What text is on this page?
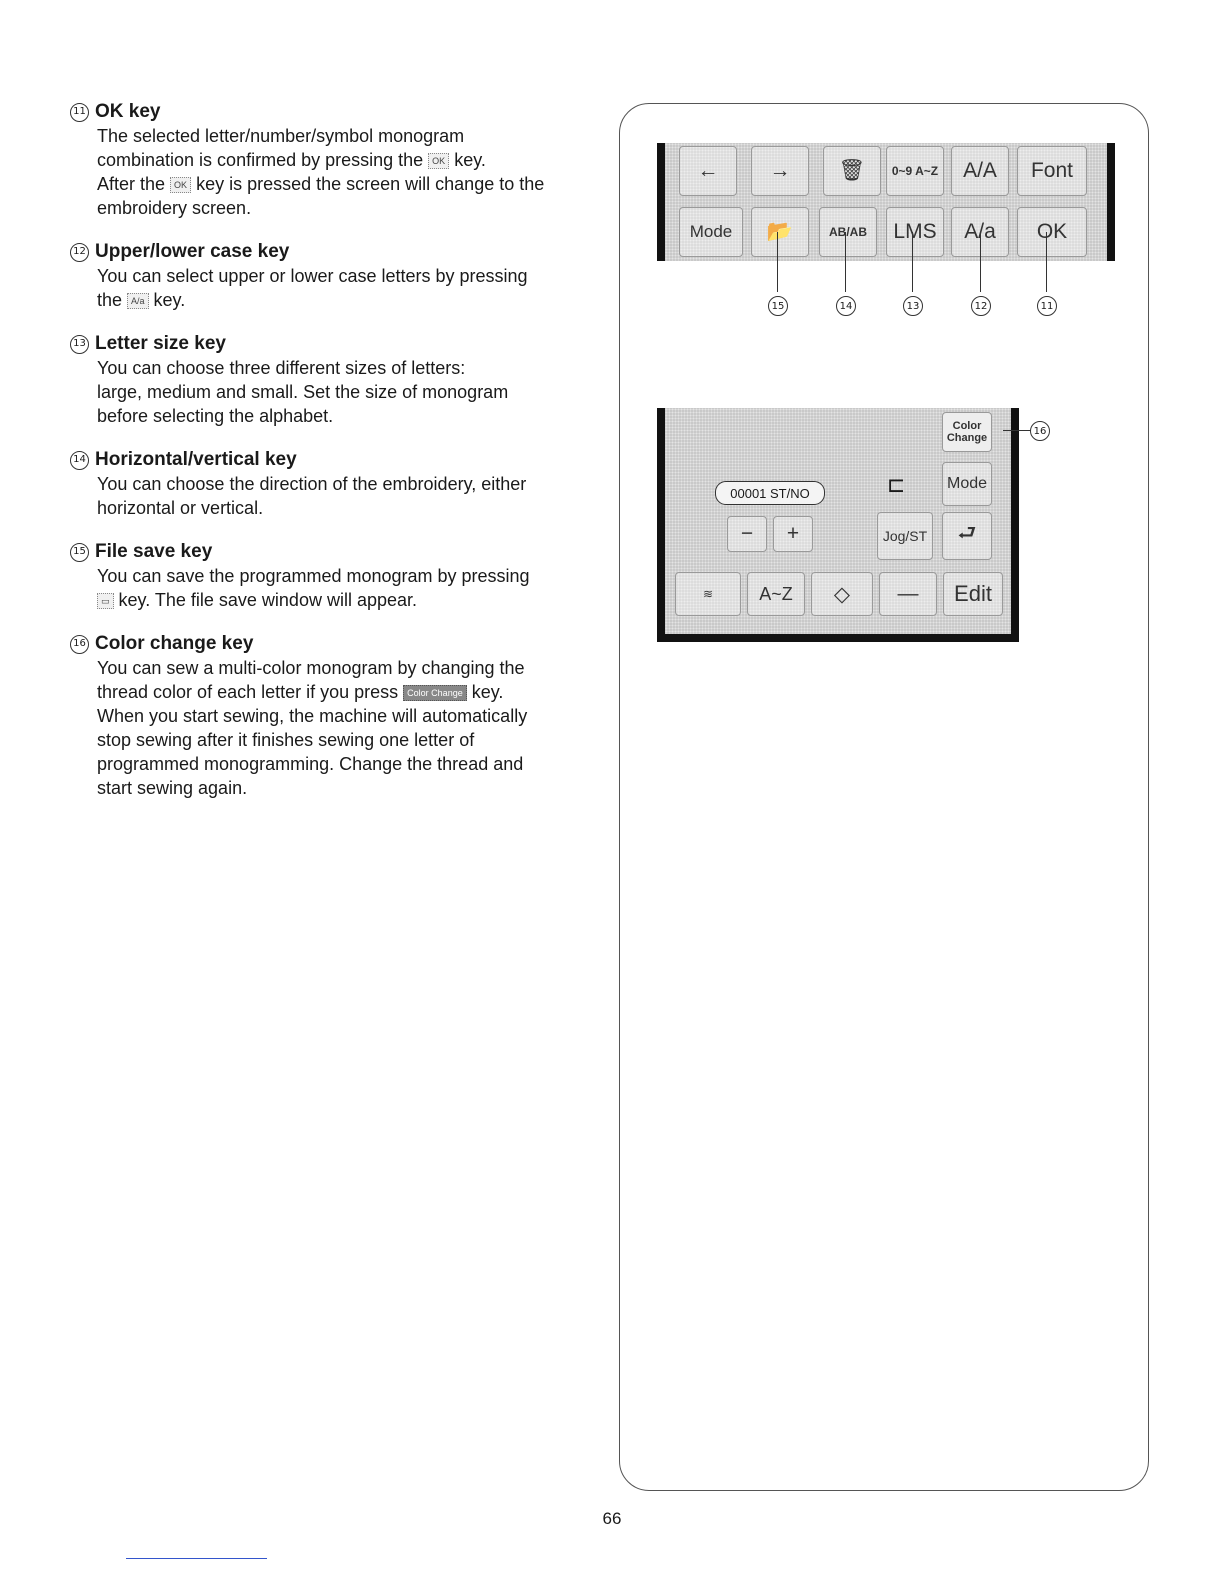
11 OK key

The selected letter/number/symbol monogram
combination is confirmed by pressing the OK key.
After the OK key is pressed the screen will change to the
embroidery screen.

12 Upper/lower case key

You can select upper or lower case letters by pressing
the A/a key.

13 Letter size key

You can choose three different sizes of letters:
large, medium and small. Set the size of monogram
before selecting the alphabet.

14 Horizontal/vertical key

You can choose the direction of the embroidery, either
horizontal or vertical.

15 File save key

You can save the programmed monogram by pressing
▭ key. The file save window will appear.

16 Color change key

You can sew a multi-color monogram by changing the
thread color of each letter if you press Color Change key.
When you start sewing, the machine will automatically
stop sewing after it finishes sewing one letter of
programmed monogramming. Change the thread and
start sewing again.

←	→	🗑	0~9 A~Z	A/A	Font
Mode	📂	AB/AB	LMS	A/a	OK
15	14	13	12	11
Color Change
00001 ST/NO	⊏	Mode
−	+	Jog/ST	⮐
≋	A~Z	◇	—	Edit
16
66
